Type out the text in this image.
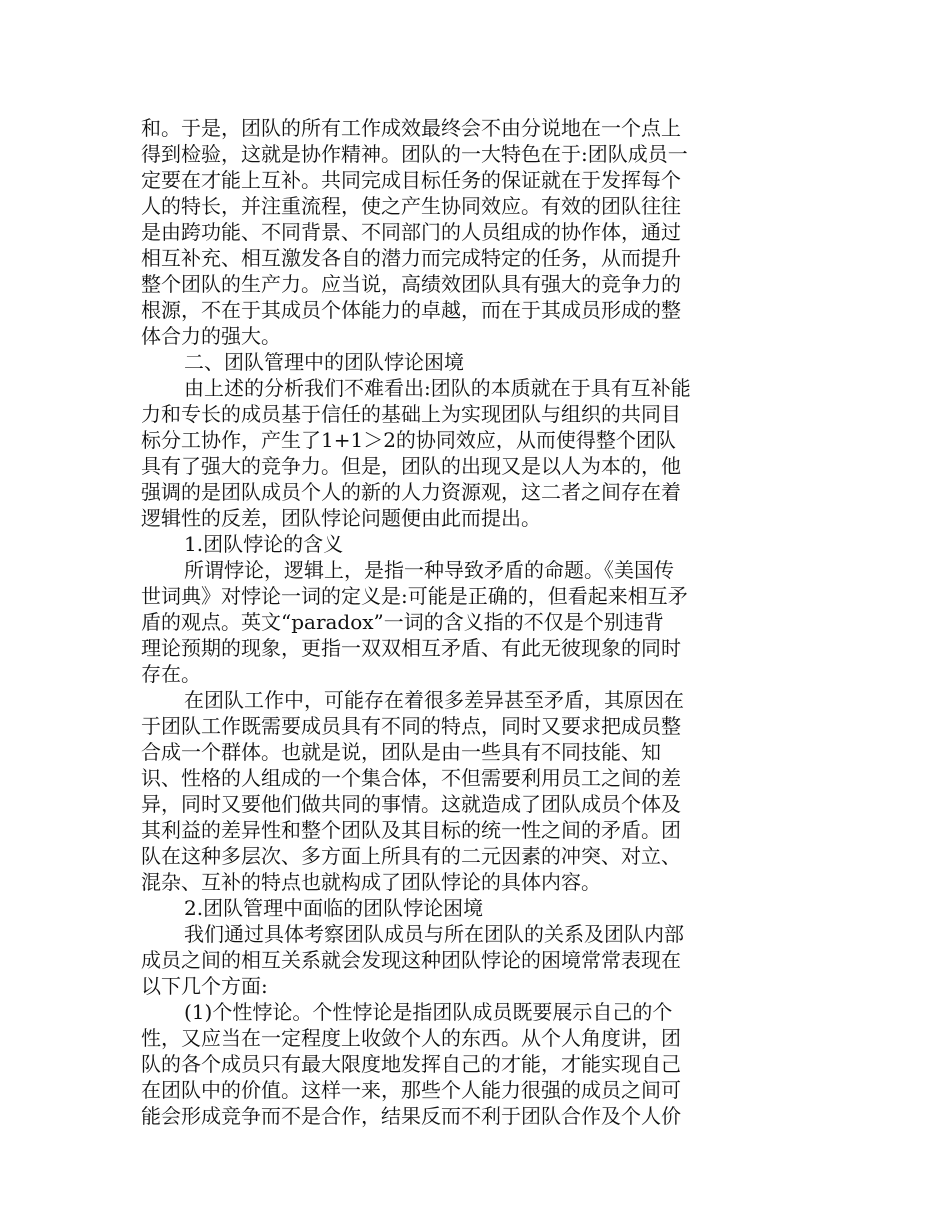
和。于是，团队的所有工作成效最终会不由分说地在一个点上
得到检验，这就是协作精神。团队的一大特色在于:团队成员一
定要在才能上互补。共同完成目标任务的保证就在于发挥每个
人的特长，并注重流程，使之产生协同效应。有效的团队往往
是由跨功能、不同背景、不同部门的人员组成的协作体，通过
相互补充、相互激发各自的潜力而完成特定的任务，从而提升
整个团队的生产力。应当说，高绩效团队具有强大的竞争力的
根源，不在于其成员个体能力的卓越，而在于其成员形成的整
体合力的强大。
二、团队管理中的团队悖论困境
由上述的分析我们不难看出:团队的本质就在于具有互补能
力和专长的成员基于信任的基础上为实现团队与组织的共同目
标分工协作，产生了1+1＞2的协同效应，从而使得整个团队
具有了强大的竞争力。但是，团队的出现又是以人为本的，他
强调的是团队成员个人的新的人力资源观，这二者之间存在着
逻辑性的反差，团队悖论问题便由此而提出。
1.团队悖论的含义
所谓悖论，逻辑上，是指一种导致矛盾的命题。《美国传
世词典》对悖论一词的定义是:可能是正确的，但看起来相互矛
盾的观点。英文“paradox”一词的含义指的不仅是个别违背
理论预期的现象，更指一双双相互矛盾、有此无彼现象的同时
存在。
在团队工作中，可能存在着很多差异甚至矛盾，其原因在
于团队工作既需要成员具有不同的特点，同时又要求把成员整
合成一个群体。也就是说，团队是由一些具有不同技能、知
识、性格的人组成的一个集合体，不但需要利用员工之间的差
异，同时又要他们做共同的事情。这就造成了团队成员个体及
其利益的差异性和整个团队及其目标的统一性之间的矛盾。团
队在这种多层次、多方面上所具有的二元因素的冲突、对立、
混杂、互补的特点也就构成了团队悖论的具体内容。
2.团队管理中面临的团队悖论困境
我们通过具体考察团队成员与所在团队的关系及团队内部
成员之间的相互关系就会发现这种团队悖论的困境常常表现在
以下几个方面:
(1)个性悖论。个性悖论是指团队成员既要展示自己的个
性，又应当在一定程度上收敛个人的东西。从个人角度讲，团
队的各个成员只有最大限度地发挥自己的才能，才能实现自己
在团队中的价值。这样一来，那些个人能力很强的成员之间可
能会形成竞争而不是合作，结果反而不利于团队合作及个人价
